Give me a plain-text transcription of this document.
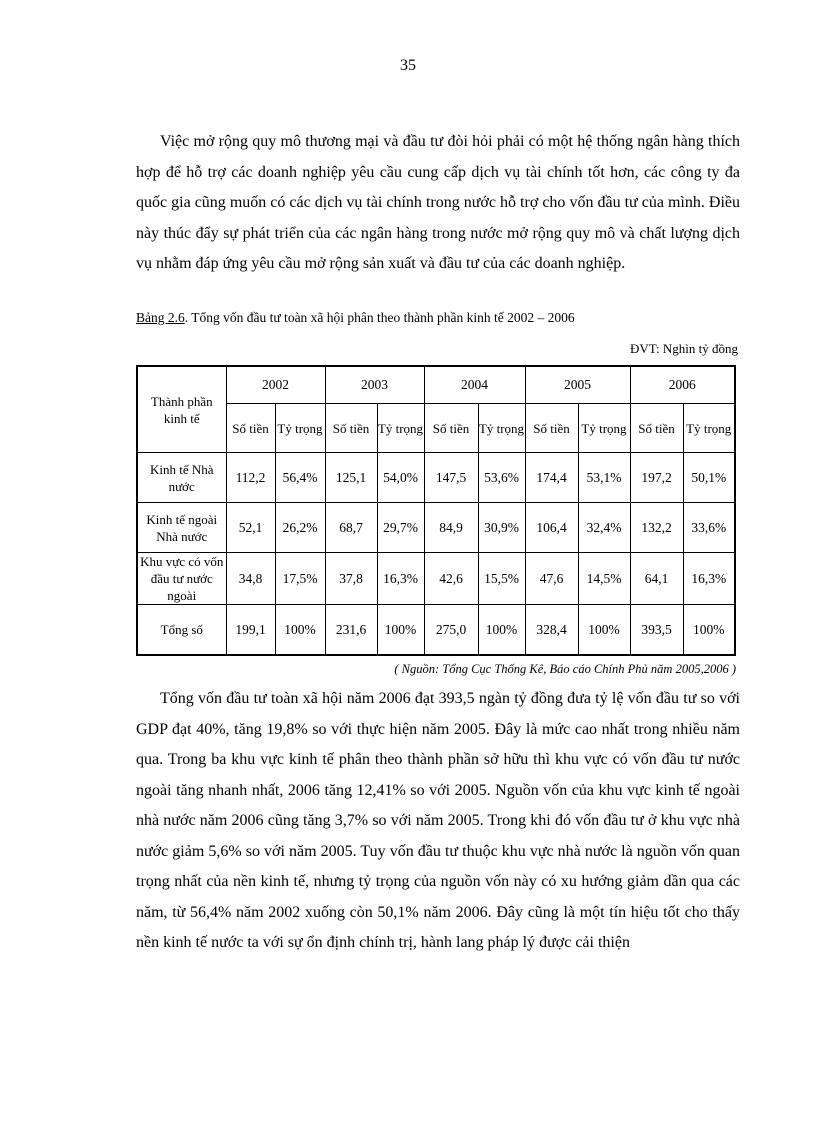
35

Việc mở rộng quy mô thương mại và đầu tư đòi hỏi phải có một hệ thống ngân hàng thích hợp để hỗ trợ các doanh nghiệp yêu cầu cung cấp dịch vụ tài chính tốt hơn, các công ty đa quốc gia cũng muốn có các dịch vụ tài chính trong nước hỗ trợ cho vốn đầu tư của mình. Điều này thúc đẩy sự phát triển của các ngân hàng trong nước mở rộng quy mô và chất lượng dịch vụ nhằm đáp ứng yêu cầu mở rộng sản xuất và đầu tư của các doanh nghiệp.

Bảng 2.6. Tổng vốn đầu tư toàn xã hội phân theo thành phần kinh tế 2002 – 2006
ĐVT: Nghìn tỷ đồng
Thành phần kinh tế	2002		2003		2004		2005		2006	
	Số tiền	Tỷ trọng	Số tiền	Tỷ trọng	Số tiền	Tỷ trọng	Số tiền	Tỷ trọng	Số tiền	Tỷ trọng
Kinh tế Nhà nước	112,2	56,4%	125,1	54,0%	147,5	53,6%	174,4	53,1%	197,2	50,1%
Kinh tế ngoài Nhà nước	52,1	26,2%	68,7	29,7%	84,9	30,9%	106,4	32,4%	132,2	33,6%
Khu vực có vốn đầu tư nước ngoài	34,8	17,5%	37,8	16,3%	42,6	15,5%	47,6	14,5%	64,1	16,3%
Tổng số	199,1	100%	231,6	100%	275,0	100%	328,4	100%	393,5	100%
( Nguồn: Tổng Cục Thống Kê, Báo cáo Chính Phủ năm 2005,2006 )

Tổng vốn đầu tư toàn xã hội năm 2006 đạt 393,5 ngàn tỷ đồng đưa tỷ lệ vốn đầu tư so với GDP đạt 40%, tăng 19,8% so với thực hiện năm 2005. Đây là mức cao nhất trong nhiều năm qua. Trong ba khu vực kinh tế phân theo thành phần sở hữu thì khu vực có vốn đầu tư nước ngoài tăng nhanh nhất, 2006 tăng 12,41% so với 2005. Nguồn vốn của khu vực kinh tế ngoài nhà nước năm 2006 cũng tăng 3,7% so với năm 2005. Trong khi đó vốn đầu tư ở khu vực nhà nước giảm 5,6% so với năm 2005. Tuy vốn đầu tư thuộc khu vực nhà nước là nguồn vốn quan trọng nhất của nền kinh tế, nhưng tỷ trọng của nguồn vốn này có xu hướng giảm dần qua các năm, từ 56,4% năm 2002 xuống còn 50,1% năm 2006. Đây cũng là một tín hiệu tốt cho thấy nền kinh tế nước ta với sự ổn định chính trị, hành lang pháp lý được cải thiện
